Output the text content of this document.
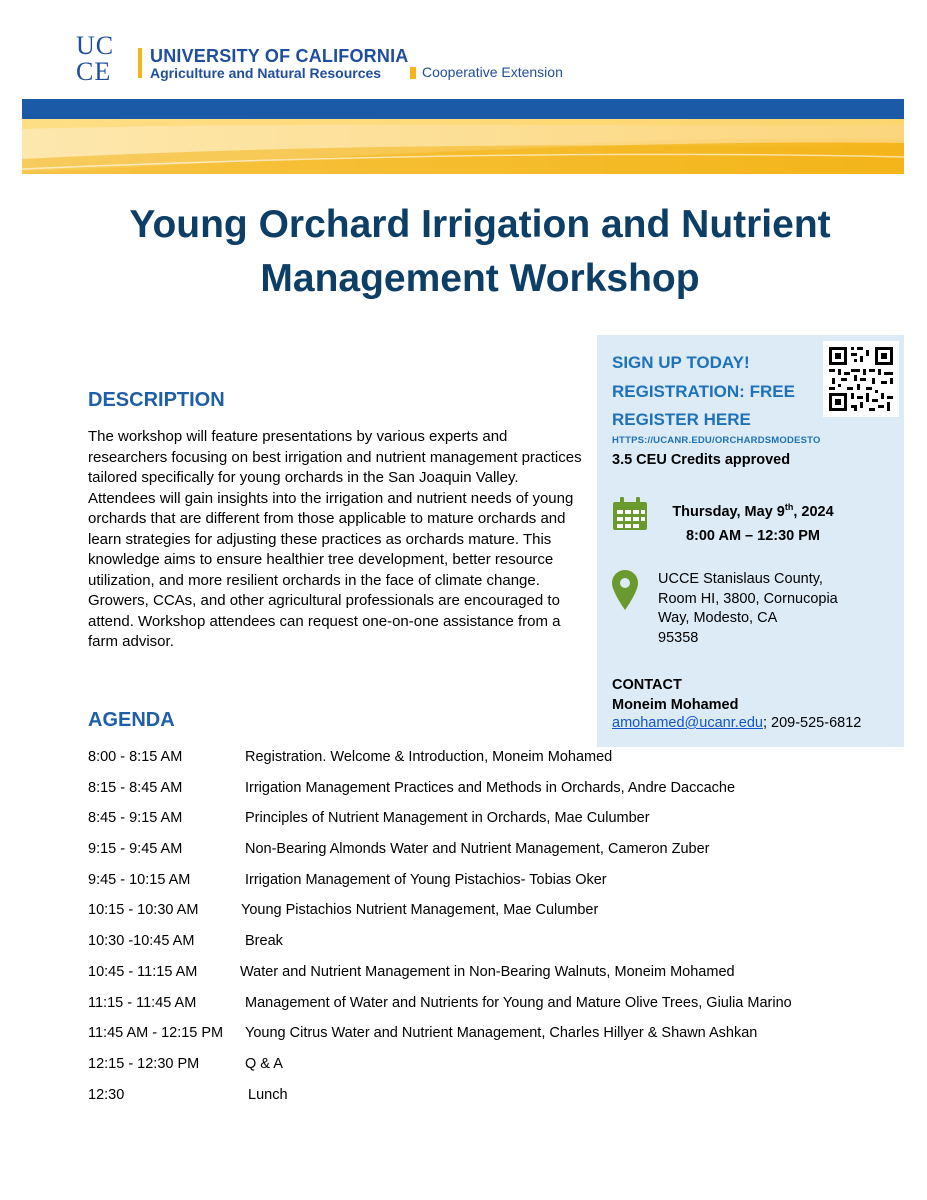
UC
CE
UNIVERSITY OF CALIFORNIA
Agriculture and Natural Resources	Cooperative Extension
Young Orchard Irrigation and Nutrient
Management Workshop
SIGN UP TODAY!
REGISTRATION: FREE
REGISTER HERE
HTTPS://UCANR.EDU/ORCHARDSMODESTO
3.5 CEU Credits approved
Thursday, May 9th, 2024
8:00 AM – 12:30 PM
UCCE Stanislaus County,
Room HI, 3800, Cornucopia
Way, Modesto, CA
95358
CONTACT
Moneim Mohamed
amohamed@ucanr.edu; 209-525-6812
DESCRIPTION
The workshop will feature presentations by various experts and researchers focusing on best irrigation and nutrient management practices tailored specifically for young orchards in the San Joaquin Valley. Attendees will gain insights into the irrigation and nutrient needs of young orchards that are different from those applicable to mature orchards and learn strategies for adjusting these practices as orchards mature. This knowledge aims to ensure healthier tree development, better resource utilization, and more resilient orchards in the face of climate change. Growers, CCAs, and other agricultural professionals are encouraged to attend. Workshop attendees can request one-on-one assistance from a farm advisor.
AGENDA
8:00 - 8:15 AM	Registration. Welcome & Introduction, Moneim Mohamed
8:15 - 8:45 AM	Irrigation Management Practices and Methods in Orchards, Andre Daccache
8:45 - 9:15 AM	Principles of Nutrient Management in Orchards, Mae Culumber
9:15 - 9:45 AM	Non-Bearing Almonds Water and Nutrient Management, Cameron Zuber
9:45 - 10:15 AM	Irrigation Management of Young Pistachios- Tobias Oker
10:15 - 10:30 AM	Young Pistachios Nutrient Management, Mae Culumber
10:30 -10:45 AM	Break
10:45 - 11:15 AM	Water and Nutrient Management in Non-Bearing Walnuts, Moneim Mohamed
11:15 - 11:45 AM	Management of Water and Nutrients for Young and Mature Olive Trees, Giulia Marino
11:45 AM - 12:15 PM Young Citrus Water and Nutrient Management, Charles Hillyer & Shawn Ashkan
12:15 - 12:30 PM	Q & A
12:30	Lunch
